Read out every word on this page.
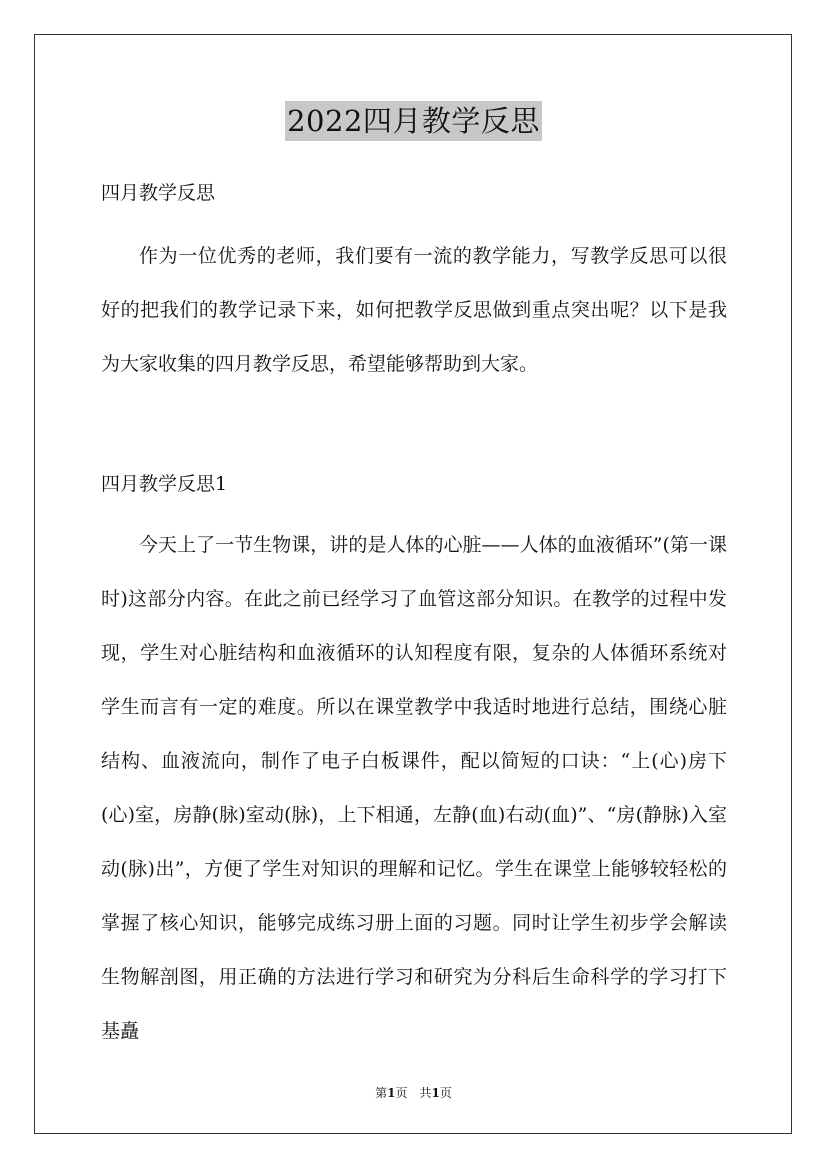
2022四月教学反思

四月教学反思

作为一位优秀的老师，我们要有一流的教学能力，写教学反思可以很好的把我们的教学记录下来，如何把教学反思做到重点突出呢？以下是我为大家收集的四月教学反思，希望能够帮助到大家。

四月教学反思1

今天上了一节生物课，讲的是人体的心脏——人体的血液循环”(第一课时)这部分内容。在此之前已经学习了血管这部分知识。在教学的过程中发现，学生对心脏结构和血液循环的认知程度有限，复杂的人体循环系统对学生而言有一定的难度。所以在课堂教学中我适时地进行总结，围绕心脏结构、血液流向，制作了电子白板课件，配以简短的口诀：“上(心)房下(心)室，房静(脉)室动(脉)，上下相通，左静(血)右动(血)”、“房(静脉)入室动(脉)出”，方便了学生对知识的理解和记忆。学生在课堂上能够较轻松的掌握了核心知识，能够完成练习册上面的习题。同时让学生初步学会解读生物解剖图，用正确的方法进行学习和研究为分科后生命科学的学习打下基矗

第1页　共1页
